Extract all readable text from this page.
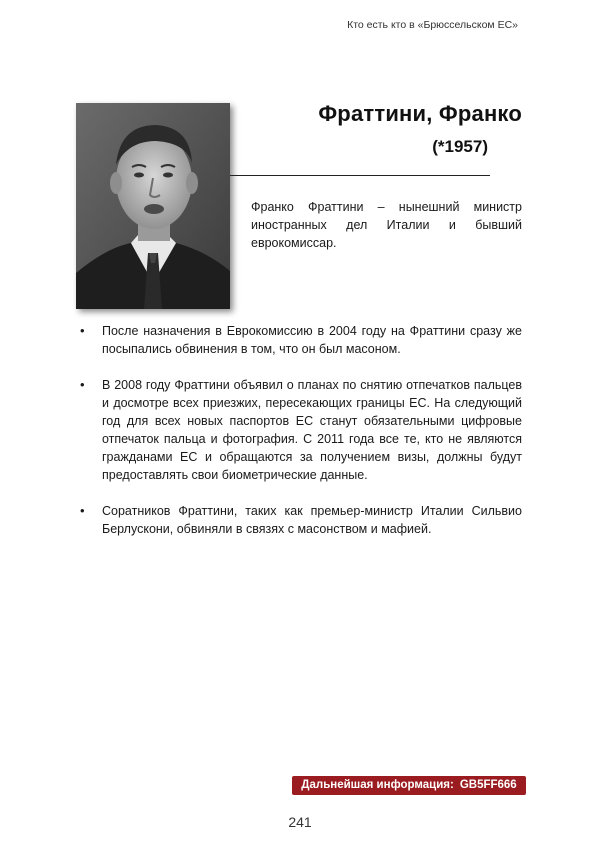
Кто есть кто в «Брюссельском ЕС»
Фраттини, Франко
(*1957)
Франко Фраттини – нынешний министр иностранных дел Италии и бывший еврокомиссар.
• После назначения в Еврокомиссию в 2004 году на Фраттини сразу же посыпались обвинения в том, что он был масоном.
• В 2008 году Фраттини объявил о планах по снятию отпечатков пальцев и досмотре всех приезжих, пересекающих границы ЕС. На следующий год для всех новых паспортов ЕС станут обязательными цифровые отпечаток пальца и фотография. С 2011 года все те, кто не являются гражданами ЕС и обращаются за получением визы, должны будут предоставлять свои биометрические данные.
• Соратников Фраттини, таких как премьер-министр Италии Сильвио Берлускони, обвиняли в связях с масонством и мафией.
Дальнейшая информация: GB5FF666
241
